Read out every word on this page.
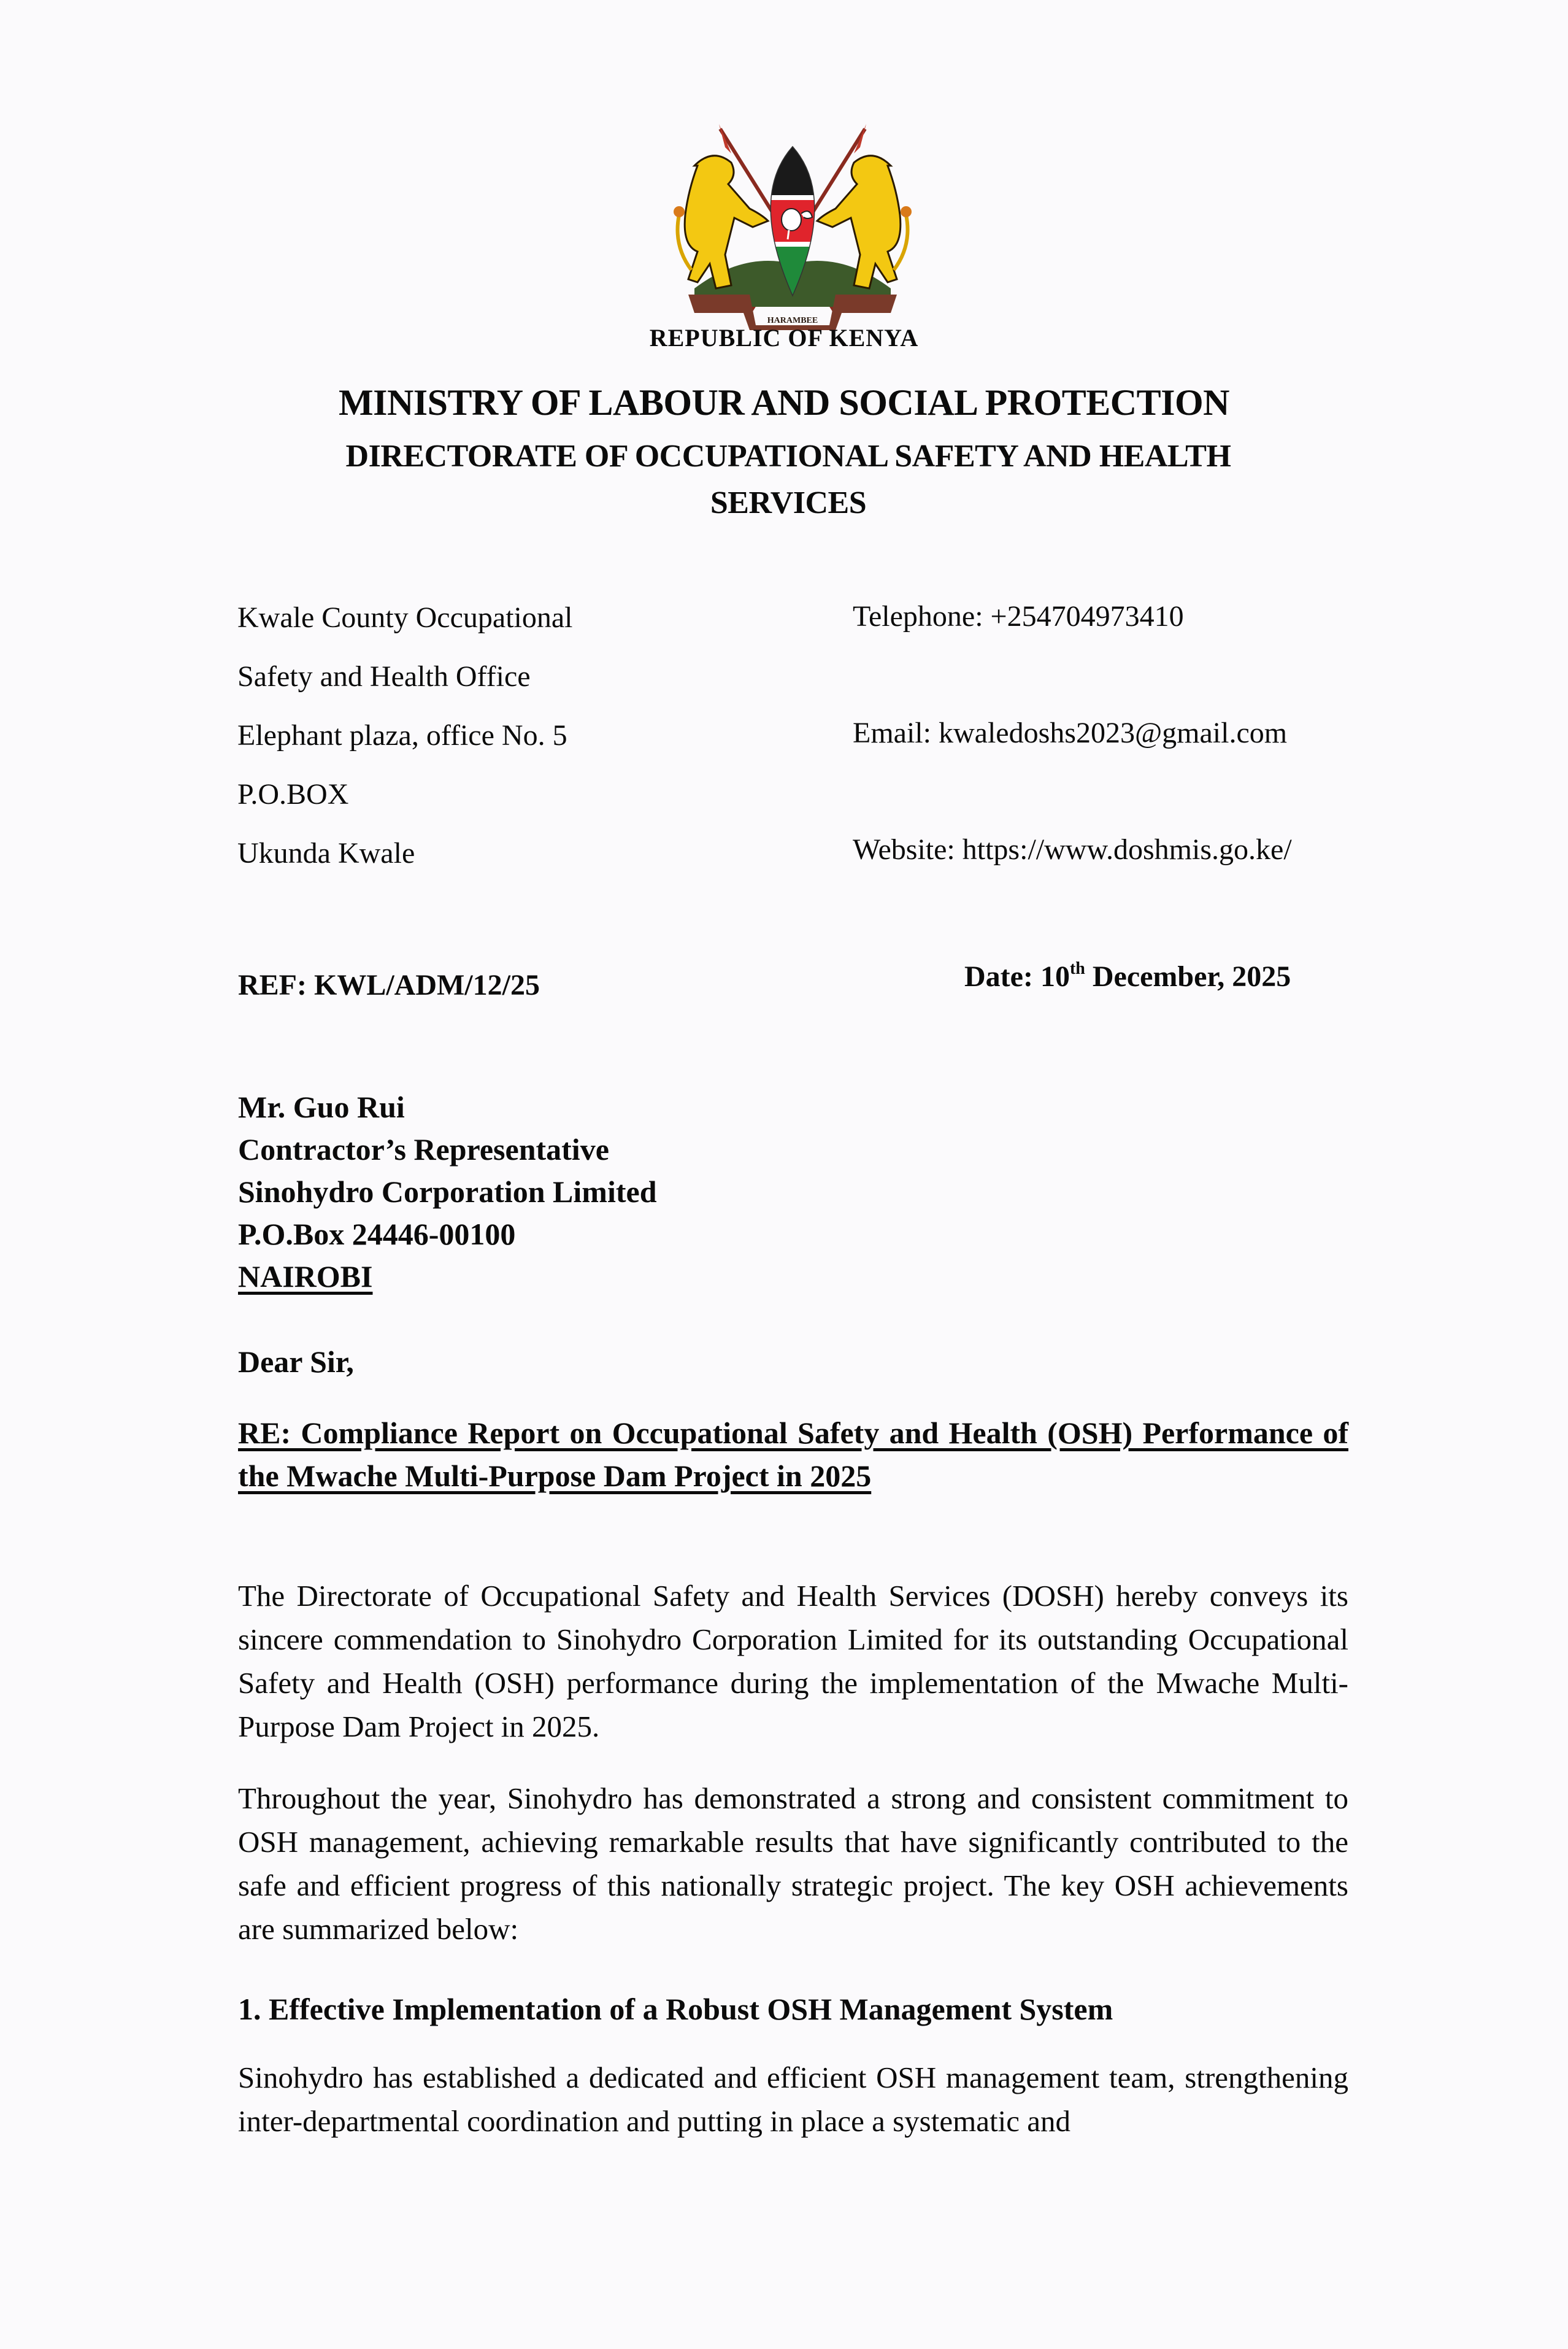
HARAMBEE
REPUBLIC OF KENYA
MINISTRY OF LABOUR AND SOCIAL PROTECTION
DIRECTORATE OF OCCUPATIONAL SAFETY AND HEALTH
SERVICES
Kwale County Occupational
Safety and Health Office
Elephant plaza, office No. 5
P.O.BOX
Ukunda Kwale
Telephone: +254704973410
Email: kwaledoshs2023@gmail.com
Website: https://www.doshmis.go.ke/
REF: KWL/ADM/12/25	Date: 10th December, 2025
Mr. Guo Rui
Contractor’s Representative
Sinohydro Corporation Limited
P.O.Box 24446-00100
NAIROBI
Dear Sir,
RE: Compliance Report on Occupational Safety and Health (OSH) Performance of the Mwache Multi-Purpose Dam Project in 2025
The Directorate of Occupational Safety and Health Services (DOSH) hereby conveys its sincere commendation to Sinohydro Corporation Limited for its outstanding Occupational Safety and Health (OSH) performance during the implementation of the Mwache Multi-Purpose Dam Project in 2025.
Throughout the year, Sinohydro has demonstrated a strong and consistent commitment to OSH management, achieving remarkable results that have significantly contributed to the safe and efficient progress of this nationally strategic project. The key OSH achievements are summarized below:
1. Effective Implementation of a Robust OSH Management System
Sinohydro has established a dedicated and efficient OSH management team, strengthening inter-departmental coordination and putting in place a systematic and
